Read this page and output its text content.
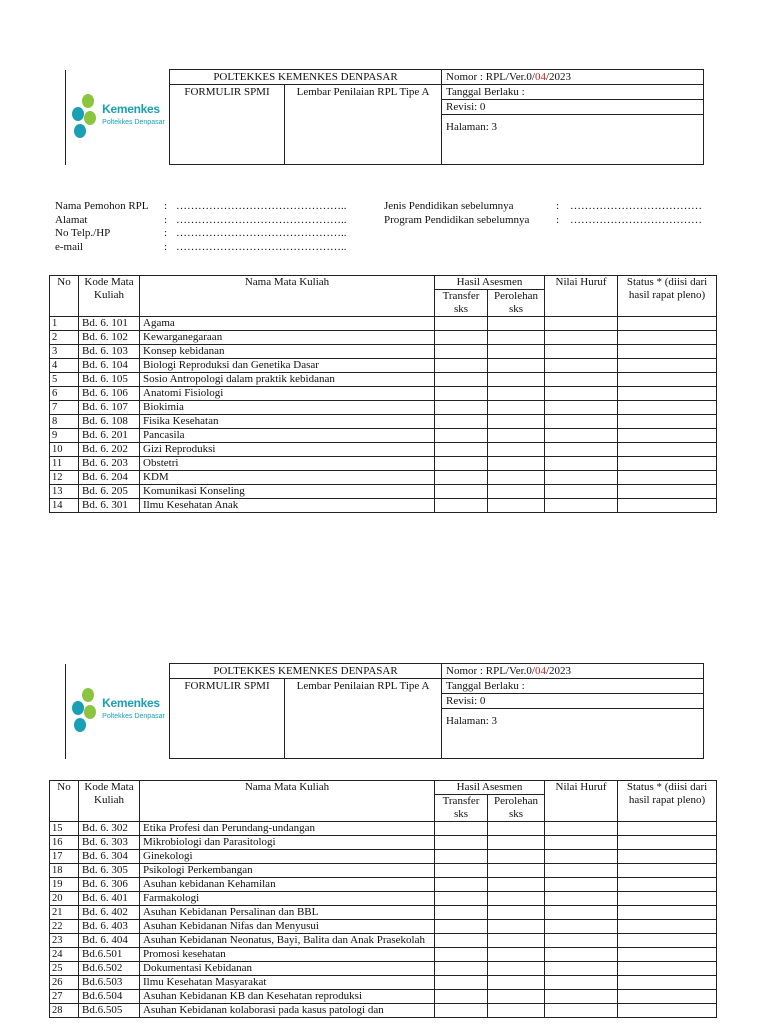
Kemenkes
Poltekkes Denpasar	POLTEKKES KEMENKES DENPASAR		Nomor : RPL/Ver.0/04/2023
	FORMULIR SPMI	Lembar Penilaian RPL Tipe A	Tanggal Berlaku :
			Revisi: 0
			Halaman: 3
Nama Pemohon RPL : ………………………………………..	Jenis Pendidikan sebelumnya	: ………………………………
Alamat	: ………………………………………..	Program Pendidikan sebelumnya : ………………………………
No Telp./HP	: ………………………………………..
e-mail	: ………………………………………..
No	Kode Mata Kuliah	Nama Mata Kuliah	Hasil Asesmen		Nilai Huruf	Status * (diisi dari hasil rapat pleno)
			Transfer sks	Perolehan sks		
1	Bd. 6. 101	Agama				
2	Bd. 6. 102	Kewarganegaraan				
3	Bd. 6. 103	Konsep kebidanan				
4	Bd. 6. 104	Biologi Reproduksi dan Genetika Dasar				
5	Bd. 6. 105	Sosio Antropologi dalam praktik kebidanan				
6	Bd. 6. 106	Anatomi Fisiologi				
7	Bd. 6. 107	Biokimia				
8	Bd. 6. 108	Fisika Kesehatan				
9	Bd. 6. 201	Pancasila				
10	Bd. 6. 202	Gizi Reproduksi				
11	Bd. 6. 203	Obstetri				
12	Bd. 6. 204	KDM				
13	Bd. 6. 205	Komunikasi Konseling				
14	Bd. 6. 301	Ilmu Kesehatan Anak				
Kemenkes
Poltekkes Denpasar	POLTEKKES KEMENKES DENPASAR		Nomor : RPL/Ver.0/04/2023
	FORMULIR SPMI	Lembar Penilaian RPL Tipe A	Tanggal Berlaku :
			Revisi: 0
			Halaman: 3
No	Kode Mata Kuliah	Nama Mata Kuliah	Hasil Asesmen		Nilai Huruf	Status * (diisi dari hasil rapat pleno)
			Transfer sks	Perolehan sks		
15	Bd. 6. 302	Etika Profesi dan Perundang-undangan				
16	Bd. 6. 303	Mikrobiologi dan Parasitologi				
17	Bd. 6. 304	Ginekologi				
18	Bd. 6. 305	Psikologi Perkembangan				
19	Bd. 6. 306	Asuhan kebidanan Kehamilan				
20	Bd. 6. 401	Farmakologi				
21	Bd. 6. 402	Asuhan Kebidanan Persalinan dan BBL				
22	Bd. 6. 403	Asuhan Kebidanan Nifas dan Menyusui				
23	Bd. 6. 404	Asuhan Kebidanan Neonatus, Bayi, Balita dan Anak Prasekolah				
24	Bd.6.501	Promosi kesehatan				
25	Bd.6.502	Dokumentasi Kebidanan				
26	Bd.6.503	Ilmu Kesehatan Masyarakat				
27	Bd.6.504	Asuhan Kebidanan KB dan Kesehatan reproduksi				
28	Bd.6.505	Asuhan Kebidanan kolaborasi pada kasus patologi dan				
